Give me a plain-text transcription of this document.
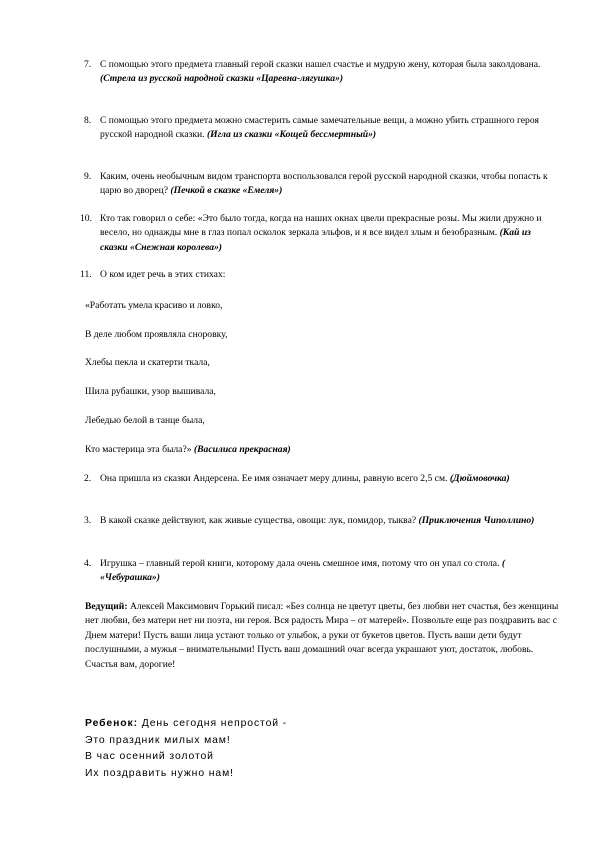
7. С помощью этого предмета главный герой сказки нашел счастье и мудрую жену, которая была заколдована. (Стрела из русской народной сказки «Царевна-лягушка»)
8. С помощью этого предмета можно смастерить самые замечательные вещи, а можно убить страшного героя русской народной сказки. (Игла из сказки «Кощей бессмертный»)
9. Каким, очень необычным видом транспорта воспользовался герой русской народной сказки, чтобы попасть к царю во дворец? (Печкой в сказке «Емеля»)
10. Кто так говорил о себе: «Это было тогда, когда на наших окнах цвели прекрасные розы. Мы жили дружно и весело, но однажды мне в глаз попал осколок зеркала эльфов, и я все видел злым и безобразным. (Кай из сказки «Снежная королева»)
11. О ком идет речь в этих стихах:
«Работать умела красиво и ловко,
В деле любом проявляла сноровку,
Хлебы пекла и скатерти ткала,
Шила рубашки, узор вышивала,
Лебедью белой в танце была,
Кто мастерица эта была?» (Василиса прекрасная)
2. Она пришла из сказки Андерсена. Ее имя означает меру длины, равную всего 2,5 см. (Дюймовочка)
3. В какой сказке действуют, как живые существа, овощи: лук, помидор, тыква? (Приключения Чиполлино)
4. Игрушка – главный герой книги, которому дала очень смешное имя, потому что он упал со стола. ( «Чебурашка»)
Ведущий: Алексей Максимович Горький писал: «Без солнца не цветут цветы, без любви нет счастья, без женщины нет любви, без матери нет ни поэта, ни героя. Вся радость Мира – от матерей». Позвольте еще раз поздравить вас с Днем матери! Пусть ваши лица устают только от улыбок, а руки от букетов цветов. Пусть ваши дети будут послушными, а мужья – внимательными! Пусть ваш домашний очаг всегда украшают уют, достаток, любовь. Счастья вам, дорогие!
Ребенок: День сегодня непростой -
Это праздник милых мам!
В час осенний золотой
Их поздравить нужно нам!
